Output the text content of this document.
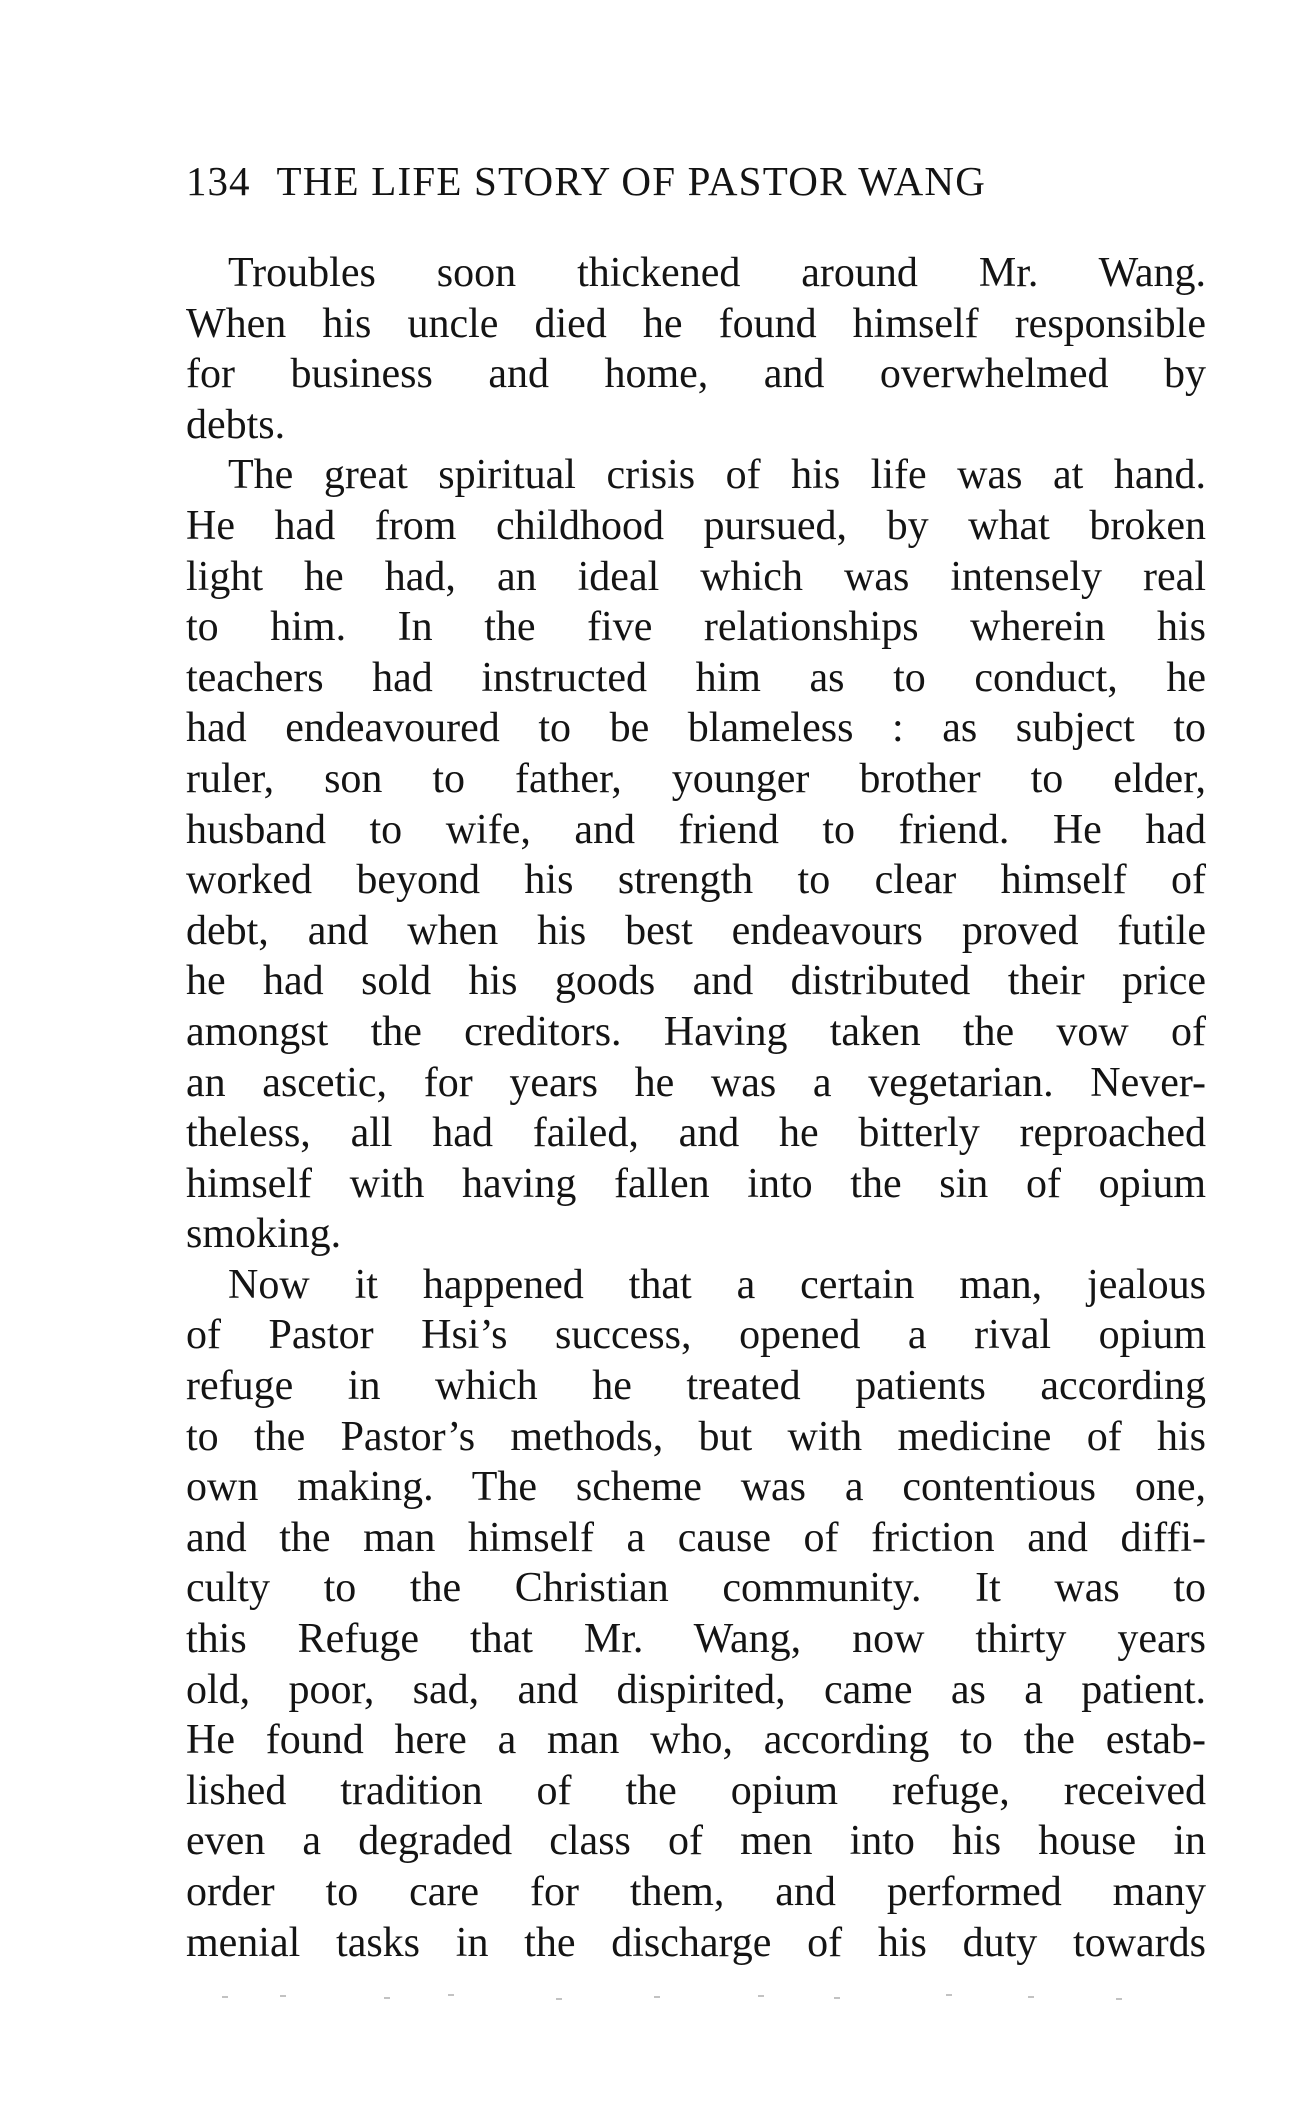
134 THE LIFE STORY OF PASTOR WANG
Troubles soon thickened around Mr. Wang.
When his uncle died he found himself responsible
for business and home, and overwhelmed by
debts.
The great spiritual crisis of his life was at hand.
He had from childhood pursued, by what broken
light he had, an ideal which was intensely real
to him. In the five relationships wherein his
teachers had instructed him as to conduct, he
had endeavoured to be blameless : as subject to
ruler, son to father, younger brother to elder,
husband to wife, and friend to friend. He had
worked beyond his strength to clear himself of
debt, and when his best endeavours proved futile
he had sold his goods and distributed their price
amongst the creditors. Having taken the vow of
an ascetic, for years he was a vegetarian. Never-
theless, all had failed, and he bitterly reproached
himself with having fallen into the sin of opium
smoking.
Now it happened that a certain man, jealous
of Pastor Hsi’s success, opened a rival opium
refuge in which he treated patients according
to the Pastor’s methods, but with medicine of his
own making. The scheme was a contentious one,
and the man himself a cause of friction and diffi-
culty to the Christian community. It was to
this Refuge that Mr. Wang, now thirty years
old, poor, sad, and dispirited, came as a patient.
He found here a man who, according to the estab-
lished tradition of the opium refuge, received
even a degraded class of men into his house in
order to care for them, and performed many
menial tasks in the discharge of his duty towards
